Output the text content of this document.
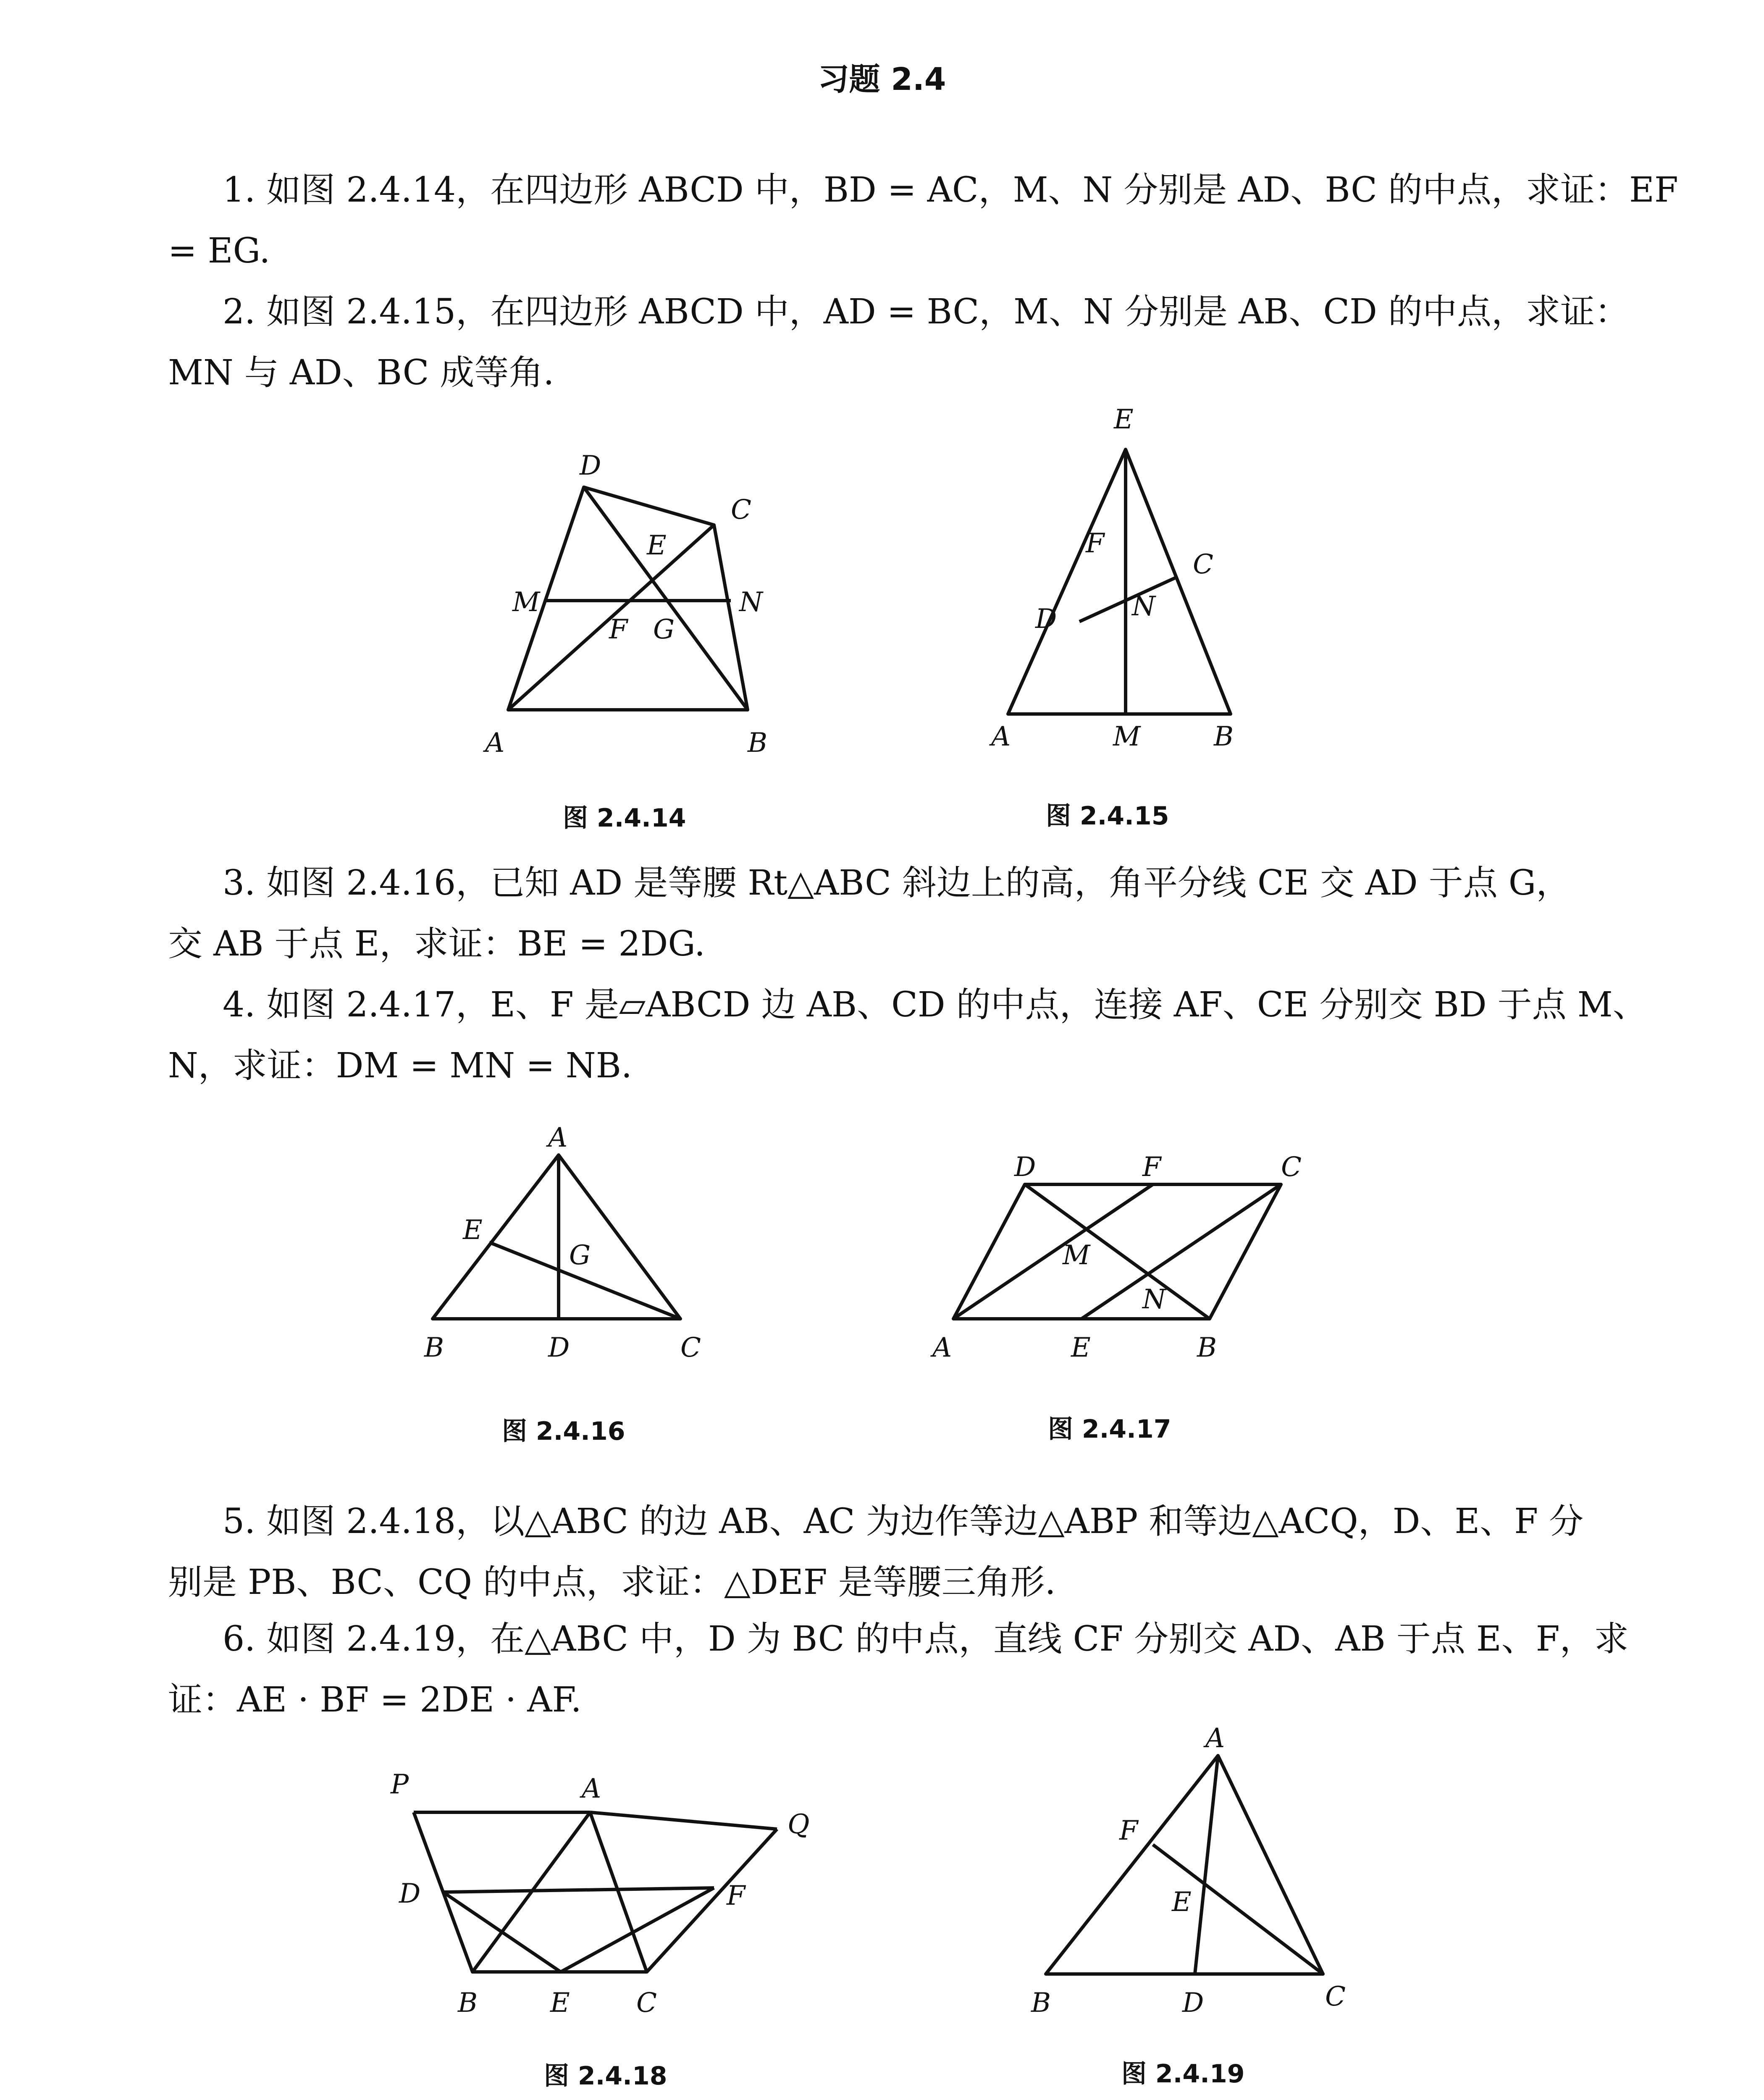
习题 2.4
1. 如图 2.4.14，在四边形 ABCD 中，BD = AC，M、N 分别是 AD、BC 的中点，求证：EF
= EG.
2. 如图 2.4.15，在四边形 ABCD 中，AD = BC，M、N 分别是 AB、CD 的中点，求证：
MN 与 AD、BC 成等角.
A	B
C
D
E
F G
M	N
图 2.4.14
E
F
C
D	N
A	M	B
图 2.4.15
3. 如图 2.4.16，已知 AD 是等腰 Rt△ABC 斜边上的高，角平分线 CE 交 AD 于点 G，
交 AB 于点 E，求证：BE = 2DG.
4. 如图 2.4.17，E、F 是▱ABCD 边 AB、CD 的中点，连接 AF、CE 分别交 BD 于点 M、
N，求证：DM = MN = NB.
A
E
G
B	D	C
图 2.4.16
D	F	C
M
N
A	E	B
图 2.4.17
5. 如图 2.4.18，以△ABC 的边 AB、AC 为边作等边△ABP 和等边△ACQ，D、E、F 分
别是 PB、BC、CQ 的中点，求证：△DEF 是等腰三角形.
6. 如图 2.4.19，在△ABC 中，D 为 BC 的中点，直线 CF 分别交 AD、AB 于点 E、F，求
证：AE · BF = 2DE · AF.
P	A
Q
D	F
B	E C
图 2.4.18
A
F
E
B	D	C
图 2.4.19
